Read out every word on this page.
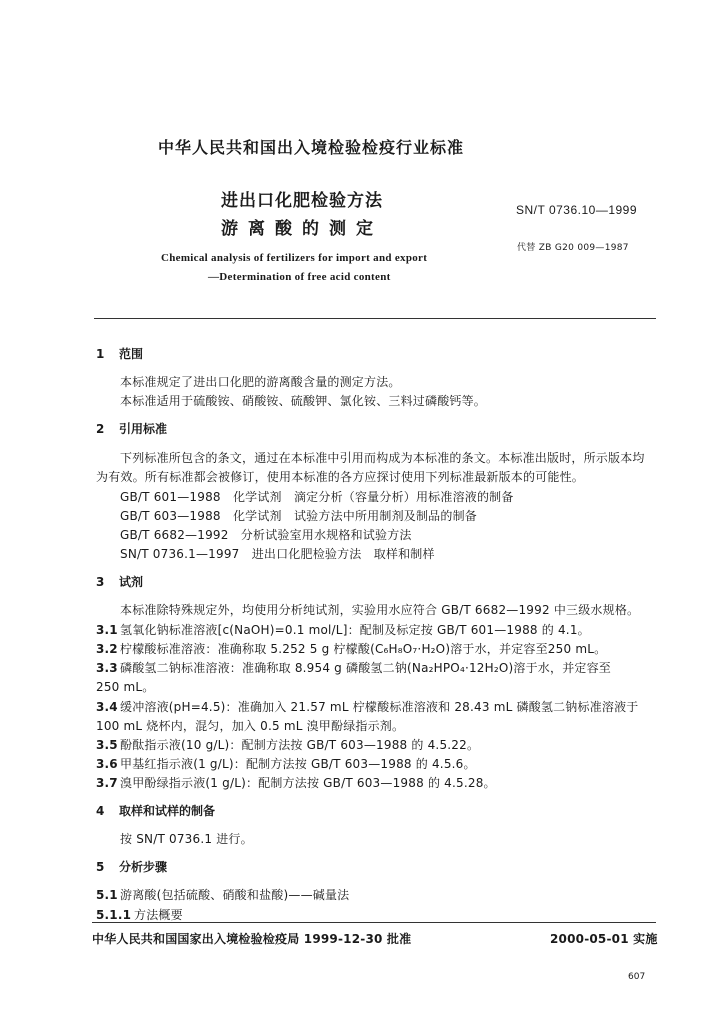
中华人民共和国出入境检验检疫行业标准
进出口化肥检验方法
游离酸的测定
SN/T 0736.10—1999
代替 ZB G20 009—1987
Chemical analysis of fertilizers for import and export
—Determination of free acid content
1 范围
本标准规定了进出口化肥的游离酸含量的测定方法。
本标准适用于硫酸铵、硝酸铵、硫酸钾、氯化铵、三料过磷酸钙等。
2 引用标准
下列标准所包含的条文，通过在本标准中引用而构成为本标准的条文。本标准出版时，所示版本均
为有效。所有标准都会被修订，使用本标准的各方应探讨使用下列标准最新版本的可能性。
GB/T 601—1988　化学试剂　滴定分析（容量分析）用标准溶液的制备
GB/T 603—1988　化学试剂　试验方法中所用制剂及制品的制备
GB/T 6682—1992　分析试验室用水规格和试验方法
SN/T 0736.1—1997　进出口化肥检验方法　取样和制样
3 试剂
本标准除特殊规定外，均使用分析纯试剂，实验用水应符合 GB/T 6682—1992 中三级水规格。
3.1 氢氧化钠标准溶液[c(NaOH)=0.1 mol/L]：配制及标定按 GB/T 601—1988 的 4.1。
3.2 柠檬酸标准溶液：准确称取 5.252 5 g 柠檬酸(C₆H₈O₇·H₂O)溶于水，并定容至250 mL。
3.3 磷酸氢二钠标准溶液：准确称取 8.954 g 磷酸氢二钠(Na₂HPO₄·12H₂O)溶于水，并定容至
250 mL。
3.4 缓冲溶液(pH=4.5)：准确加入 21.57 mL 柠檬酸标准溶液和 28.43 mL 磷酸氢二钠标准溶液于
100 mL 烧杯内，混匀，加入 0.5 mL 溴甲酚绿指示剂。
3.5 酚酞指示液(10 g/L)：配制方法按 GB/T 603—1988 的 4.5.22。
3.6 甲基红指示液(1 g/L)：配制方法按 GB/T 603—1988 的 4.5.6。
3.7 溴甲酚绿指示液(1 g/L)：配制方法按 GB/T 603—1988 的 4.5.28。
4 取样和试样的制备
按 SN/T 0736.1 进行。
5 分析步骤
5.1 游离酸(包括硫酸、硝酸和盐酸)——碱量法
5.1.1 方法概要
中华人民共和国国家出入境检验检疫局 1999-12-30 批准	2000-05-01 实施
607
